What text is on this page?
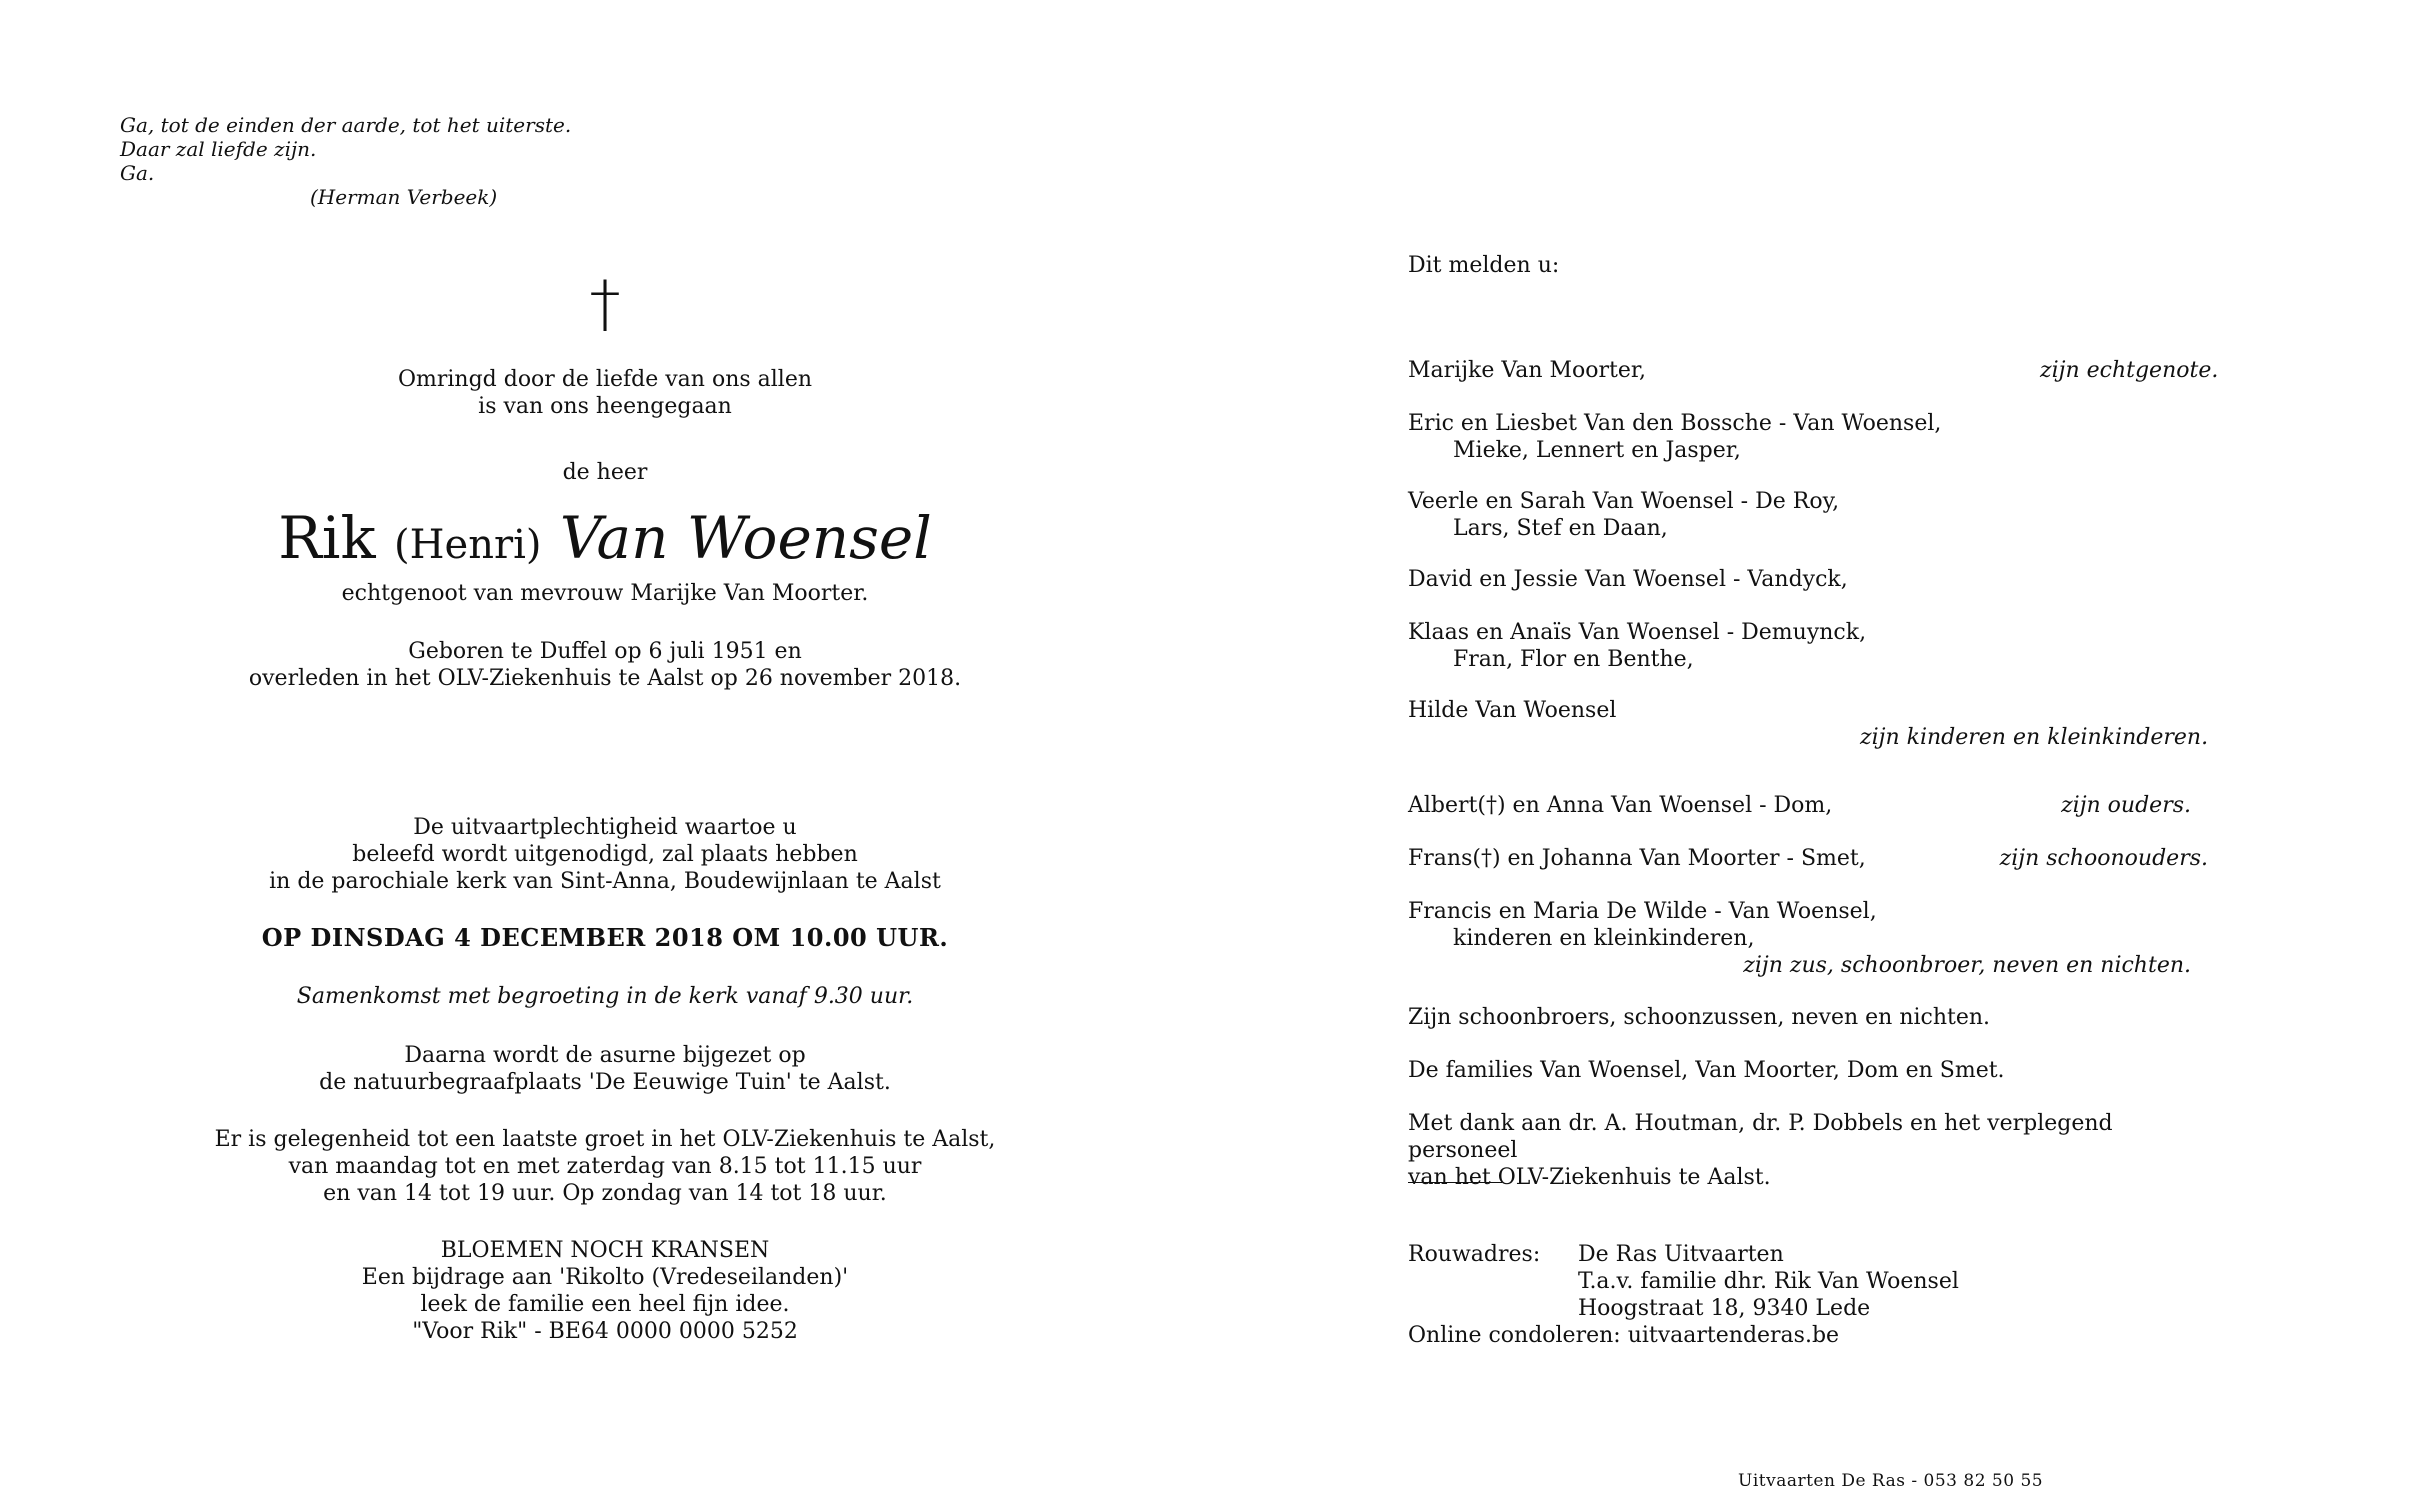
Ga, tot de einden der aarde, tot het uiterste.
Daar zal liefde zijn.
Ga.
(Herman Verbeek)
†
Omringd door de liefde van ons allen
is van ons heengegaan
de heer
Rik (Henri) Van Woensel
echtgenoot van mevrouw Marijke Van Moorter.
Geboren te Duffel op 6 juli 1951 en
overleden in het OLV-Ziekenhuis te Aalst op 26 november 2018.
De uitvaartplechtigheid waartoe u
beleefd wordt uitgenodigd, zal plaats hebben
in de parochiale kerk van Sint-Anna, Boudewijnlaan te Aalst
OP DINSDAG 4 DECEMBER 2018 OM 10.00 UUR.
Samenkomst met begroeting in de kerk vanaf 9.30 uur.
Daarna wordt de asurne bijgezet op
de natuurbegraafplaats 'De Eeuwige Tuin' te Aalst.
Er is gelegenheid tot een laatste groet in het OLV-Ziekenhuis te Aalst,
van maandag tot en met zaterdag van 8.15 tot 11.15 uur
en van 14 tot 19 uur. Op zondag van 14 tot 18 uur.
BLOEMEN NOCH KRANSEN
Een bijdrage aan 'Rikolto (Vredeseilanden)'
leek de familie een heel fijn idee.
"Voor Rik" - BE64 0000 0000 5252
Dit melden u:
Marijke Van Moorter,	zijn echtgenote.
Eric en Liesbet Van den Bossche - Van Woensel,
Mieke, Lennert en Jasper,
Veerle en Sarah Van Woensel - De Roy,
Lars, Stef en Daan,
David en Jessie Van Woensel - Vandyck,
Klaas en Anaïs Van Woensel - Demuynck,
Fran, Flor en Benthe,
Hilde Van Woensel
zijn kinderen en kleinkinderen.
Albert(†) en Anna Van Woensel - Dom,	zijn ouders.
Frans(†) en Johanna Van Moorter - Smet,	zijn schoonouders.
Francis en Maria De Wilde - Van Woensel,
kinderen en kleinkinderen,
zijn zus, schoonbroer, neven en nichten.
Zijn schoonbroers, schoonzussen, neven en nichten.
De families Van Woensel, Van Moorter, Dom en Smet.
Met dank aan dr. A. Houtman, dr. P. Dobbels en het verplegend personeel
van het OLV-Ziekenhuis te Aalst.
Rouwadres: De Ras Uitvaarten
T.a.v. familie dhr. Rik Van Woensel
Hoogstraat 18, 9340 Lede
Online condoleren: uitvaartenderas.be
Uitvaarten De Ras - 053 82 50 55
